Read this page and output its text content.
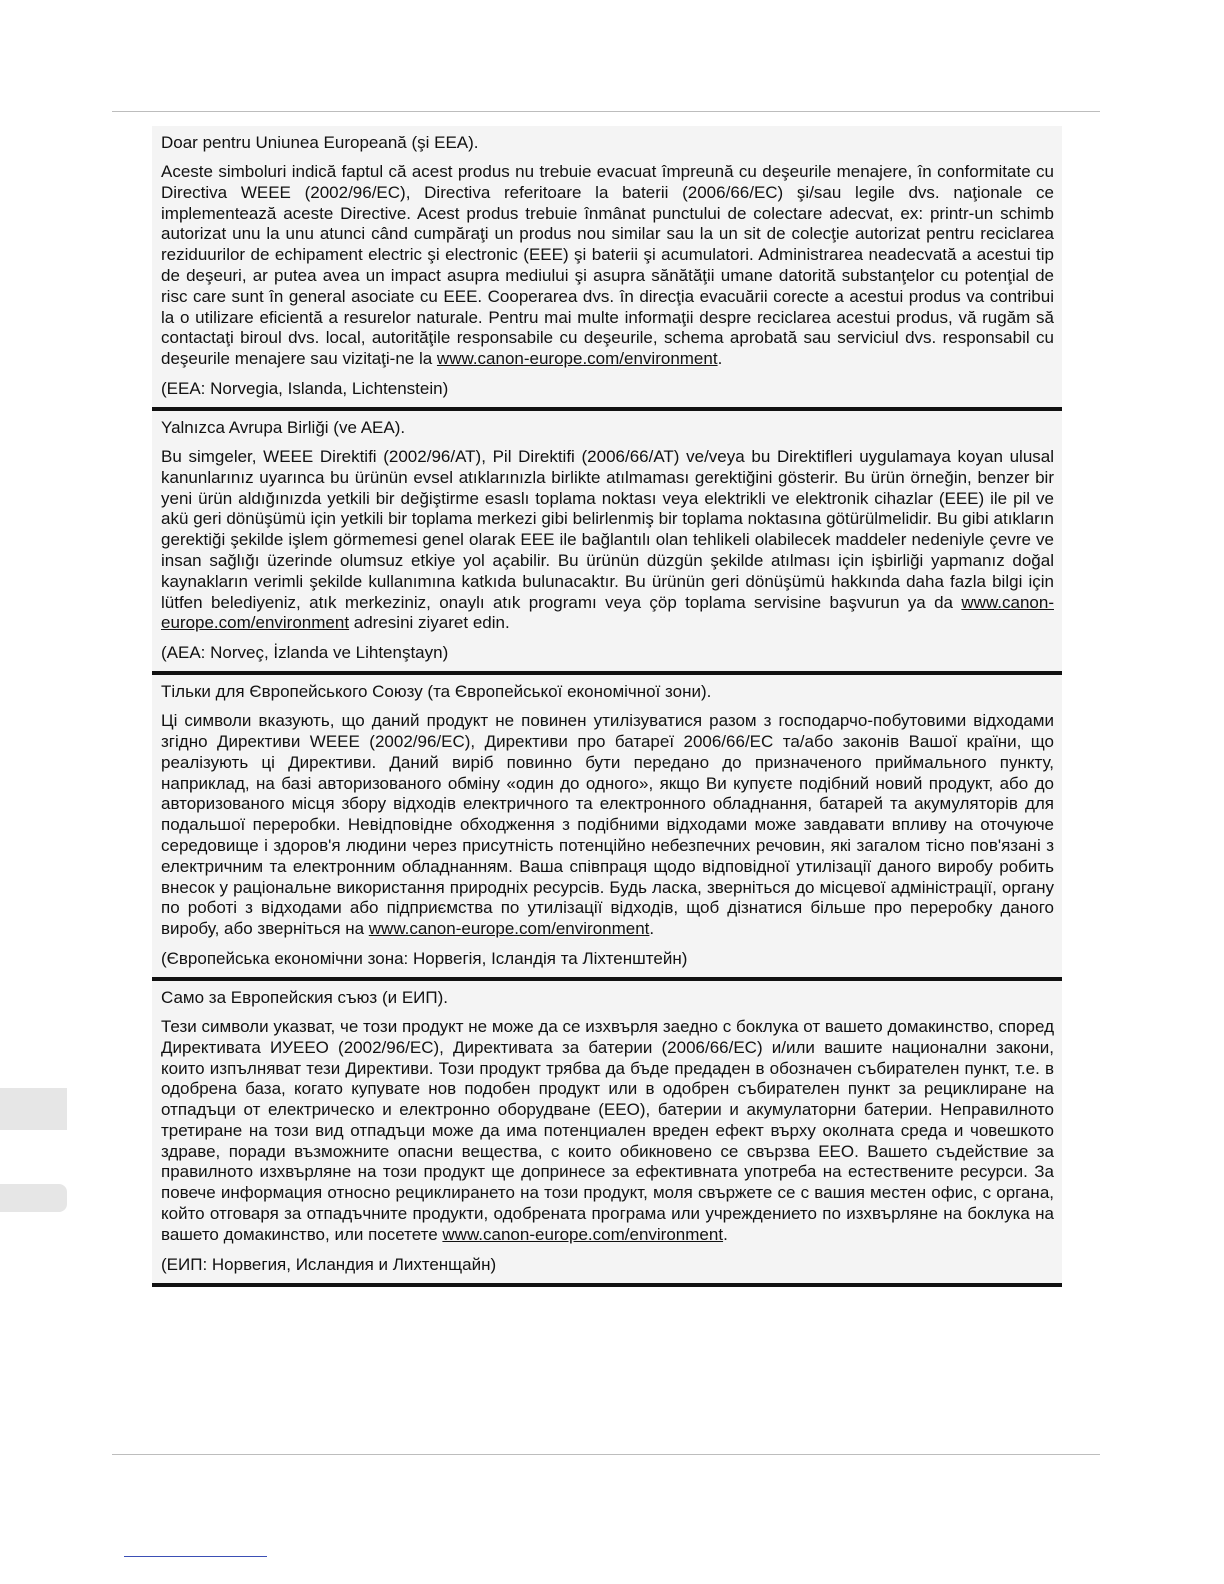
Doar pentru Uniunea Europeană (şi EEA).

Aceste simboluri indică faptul că acest produs nu trebuie evacuat împreună cu deşeurile menajere, în conformitate cu Directiva WEEE (2002/96/EC), Directiva referitoare la baterii (2006/66/EC) şi/sau legile dvs. naţionale ce implementează aceste Directive. Acest produs trebuie înmânat punctului de colectare adecvat, ex: printr-un schimb autorizat unu la unu atunci când cumpăraţi un produs nou similar sau la un sit de colecţie autorizat pentru reciclarea reziduurilor de echipament electric şi electronic (EEE) şi baterii şi acumulatori. Administrarea neadecvată a acestui tip de deşeuri, ar putea avea un impact asupra mediului şi asupra sănătăţii umane datorită substanţelor cu potenţial de risc care sunt în general asociate cu EEE. Cooperarea dvs. în direcţia evacuării corecte a acestui produs va contribui la o utilizare eficientă a resurelor naturale. Pentru mai multe informaţii despre reciclarea acestui produs, vă rugăm să contactaţi biroul dvs. local, autorităţile responsabile cu deşeurile, schema aprobată sau serviciul dvs. responsabil cu deşeurile menajere sau vizitaţi-ne la www.canon-europe.com/environment.

(EEA: Norvegia, Islanda, Lichtenstein)

Yalnızca Avrupa Birliği (ve AEA).

Bu simgeler, WEEE Direktifi (2002/96/AT), Pil Direktifi (2006/66/AT) ve/veya bu Direktifleri uygulamaya koyan ulusal kanunlarınız uyarınca bu ürünün evsel atıklarınızla birlikte atılmaması gerektiğini gösterir. Bu ürün örneğin, benzer bir yeni ürün aldığınızda yetkili bir değiştirme esaslı toplama noktası veya elektrikli ve elektronik cihazlar (EEE) ile pil ve akü geri dönüşümü için yetkili bir toplama merkezi gibi belirlenmiş bir toplama noktasına götürülmelidir. Bu gibi atıkların gerektiği şekilde işlem görmemesi genel olarak EEE ile bağlantılı olan tehlikeli olabilecek maddeler nedeniyle çevre ve insan sağlığı üzerinde olumsuz etkiye yol açabilir. Bu ürünün düzgün şekilde atılması için işbirliği yapmanız doğal kaynakların verimli şekilde kullanımına katkıda bulunacaktır. Bu ürünün geri dönüşümü hakkında daha fazla bilgi için lütfen belediyeniz, atık merkeziniz, onaylı atık programı veya çöp toplama servisine başvurun ya da www.canon-europe.com/environment adresini ziyaret edin.

(AEA: Norveç, İzlanda ve Lihtenştayn)

Тільки для Європейського Союзу (та Європейської економічної зони).

Ці символи вказують, що даний продукт не повинен утилізуватися разом з господарчо-побутовими відходами згідно Директиви WEEE (2002/96/EC), Директиви про батареї 2006/66/EC та/або законів Вашої країни, що реалізують ці Директиви. Даний виріб повинно бути передано до призначеного приймального пункту, наприклад, на базі авторизованого обміну «один до одного», якщо Ви купуєте подібний новий продукт, або до авторизованого місця збору відходів електричного та електронного обладнання, батарей та акумуляторів для подальшої переробки. Невідповідне обходження з подібними відходами може завдавати впливу на оточуюче середовище і здоров'я людини через присутність потенційно небезпечних речовин, які загалом тісно пов'язані з електричним та електронним обладнанням. Ваша співпраця щодо відповідної утилізації даного виробу робить внесок у раціональне використання природніх ресурсів. Будь ласка, зверніться до місцевої адміністрації, органу по роботі з відходами або підприємства по утилізації відходів, щоб дізнатися більше про переробку даного виробу, або зверніться на www.canon-europe.com/environment.

(Європейська економічни зона: Норвегія, Ісландія та Ліхтенштейн)

Само за Европейския съюз (и ЕИП).

Тези символи указват, че този продукт не може да се изхвърля заедно с боклука от вашето домакинство, според Директивата ИУЕЕО (2002/96/ЕС), Директивата за батерии (2006/66/ЕС) и/или вашите национални закони, които изпълняват тези Директиви. Този продукт трябва да бъде предаден в обозначен събирателен пункт, т.е. в одобрена база, когато купувате нов подобен продукт или в одобрен събирателен пункт за рециклиране на отпадъци от електрическо и електронно оборудване (ЕЕО), батерии и акумулаторни батерии. Неправилното третиране на този вид отпадъци може да има потенциален вреден ефект върху околната среда и човешкото здраве, поради възможните опасни вещества, с които обикновено се свързва ЕЕО. Вашето съдействие за правилното изхвърляне на този продукт ще допринесе за ефективната употреба на естествените ресурси. За повече информация относно рециклирането на този продукт, моля свържете се с вашия местен офис, с органа, който отговаря за отпадъчните продукти, одобрената програма или учреждението по изхвърляне на боклука на вашето домакинство, или посетете www.canon-europe.com/environment.

(ЕИП: Норвегия, Исландия и Лихтенщайн)
